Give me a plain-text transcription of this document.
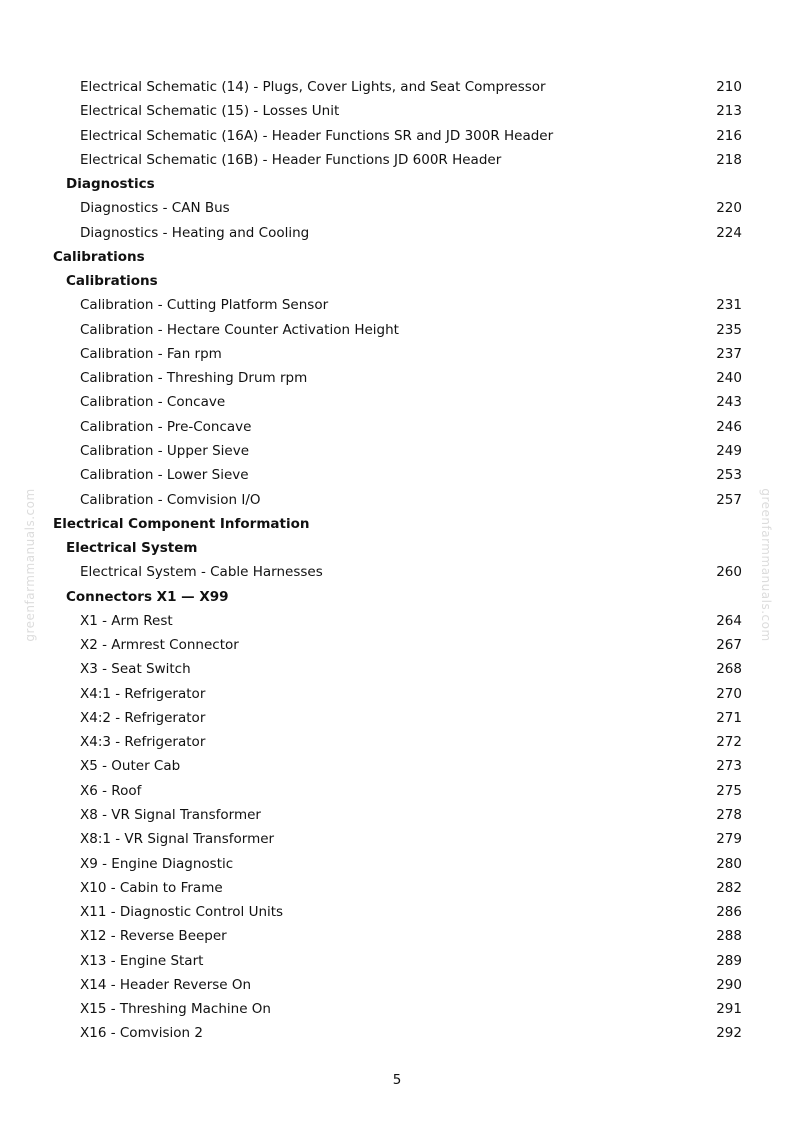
Electrical Schematic (14) - Plugs, Cover Lights, and Seat Compressor	210
Electrical Schematic (15) - Losses Unit	213
Electrical Schematic (16A) - Header Functions SR and JD 300R Header	216
Electrical Schematic (16B) - Header Functions JD 600R Header	218
Diagnostics
Diagnostics - CAN Bus	220
Diagnostics - Heating and Cooling	224
Calibrations
Calibrations
Calibration - Cutting Platform Sensor	231
Calibration - Hectare Counter Activation Height	235
Calibration - Fan rpm	237
Calibration - Threshing Drum rpm	240
Calibration - Concave	243
Calibration - Pre-Concave	246
Calibration - Upper Sieve	249
Calibration - Lower Sieve	253
Calibration - Comvision I/O	257
Electrical Component Information
Electrical System
Electrical System - Cable Harnesses	260
Connectors X1 — X99
X1 - Arm Rest	264
X2 - Armrest Connector	267
X3 - Seat Switch	268
X4:1 - Refrigerator	270
X4:2 - Refrigerator	271
X4:3 - Refrigerator	272
X5 - Outer Cab	273
X6 - Roof	275
X8 - VR Signal Transformer	278
X8:1 - VR Signal Transformer	279
X9 - Engine Diagnostic	280
X10 - Cabin to Frame	282
X11 - Diagnostic Control Units	286
X12 - Reverse Beeper	288
X13 - Engine Start	289
X14 - Header Reverse On	290
X15 - Threshing Machine On	291
X16 - Comvision 2	292
greenfarmmanuals.com	greenfarmmanuals.com
5
